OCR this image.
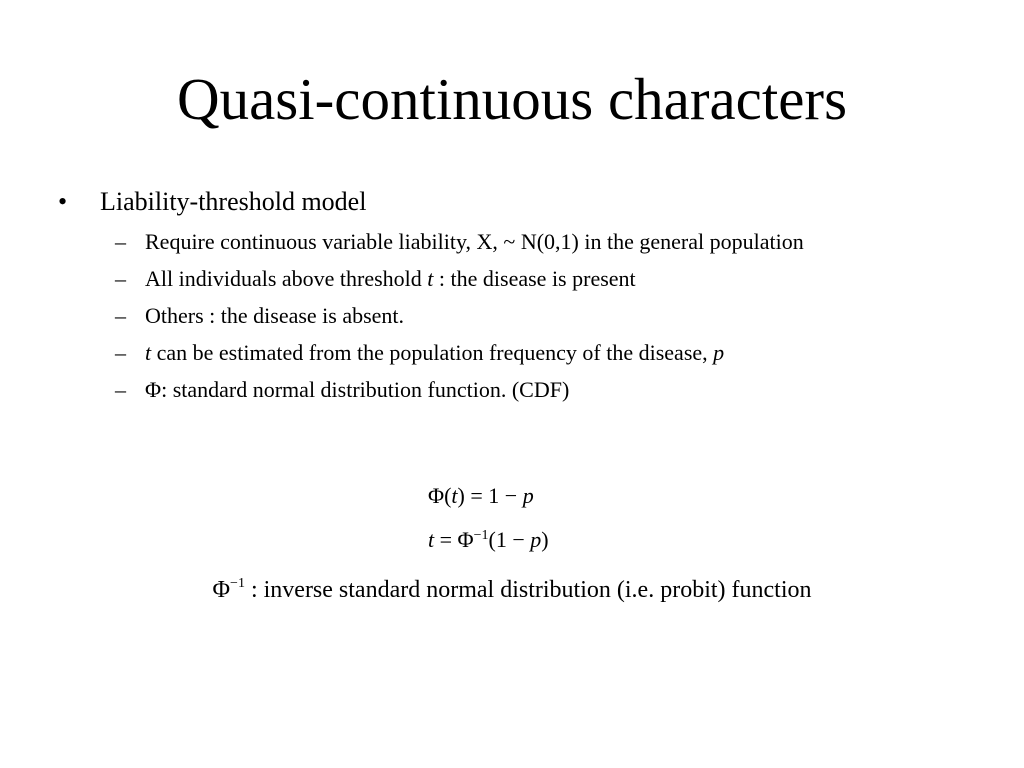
Quasi-continuous characters
• Liability-threshold model
– Require continuous variable liability, X, ~ N(0,1) in the general population
– All individuals above threshold t : the disease is present
– Others : the disease is absent.
– t can be estimated from the population frequency of the disease, p
– Φ: standard normal distribution function. (CDF)
Φ(t) = 1 − p
$t = \Phi^{-1}(1 - p)$
$\Phi^{-1}$ : inverse standard normal distribution (i.e. probit) function
